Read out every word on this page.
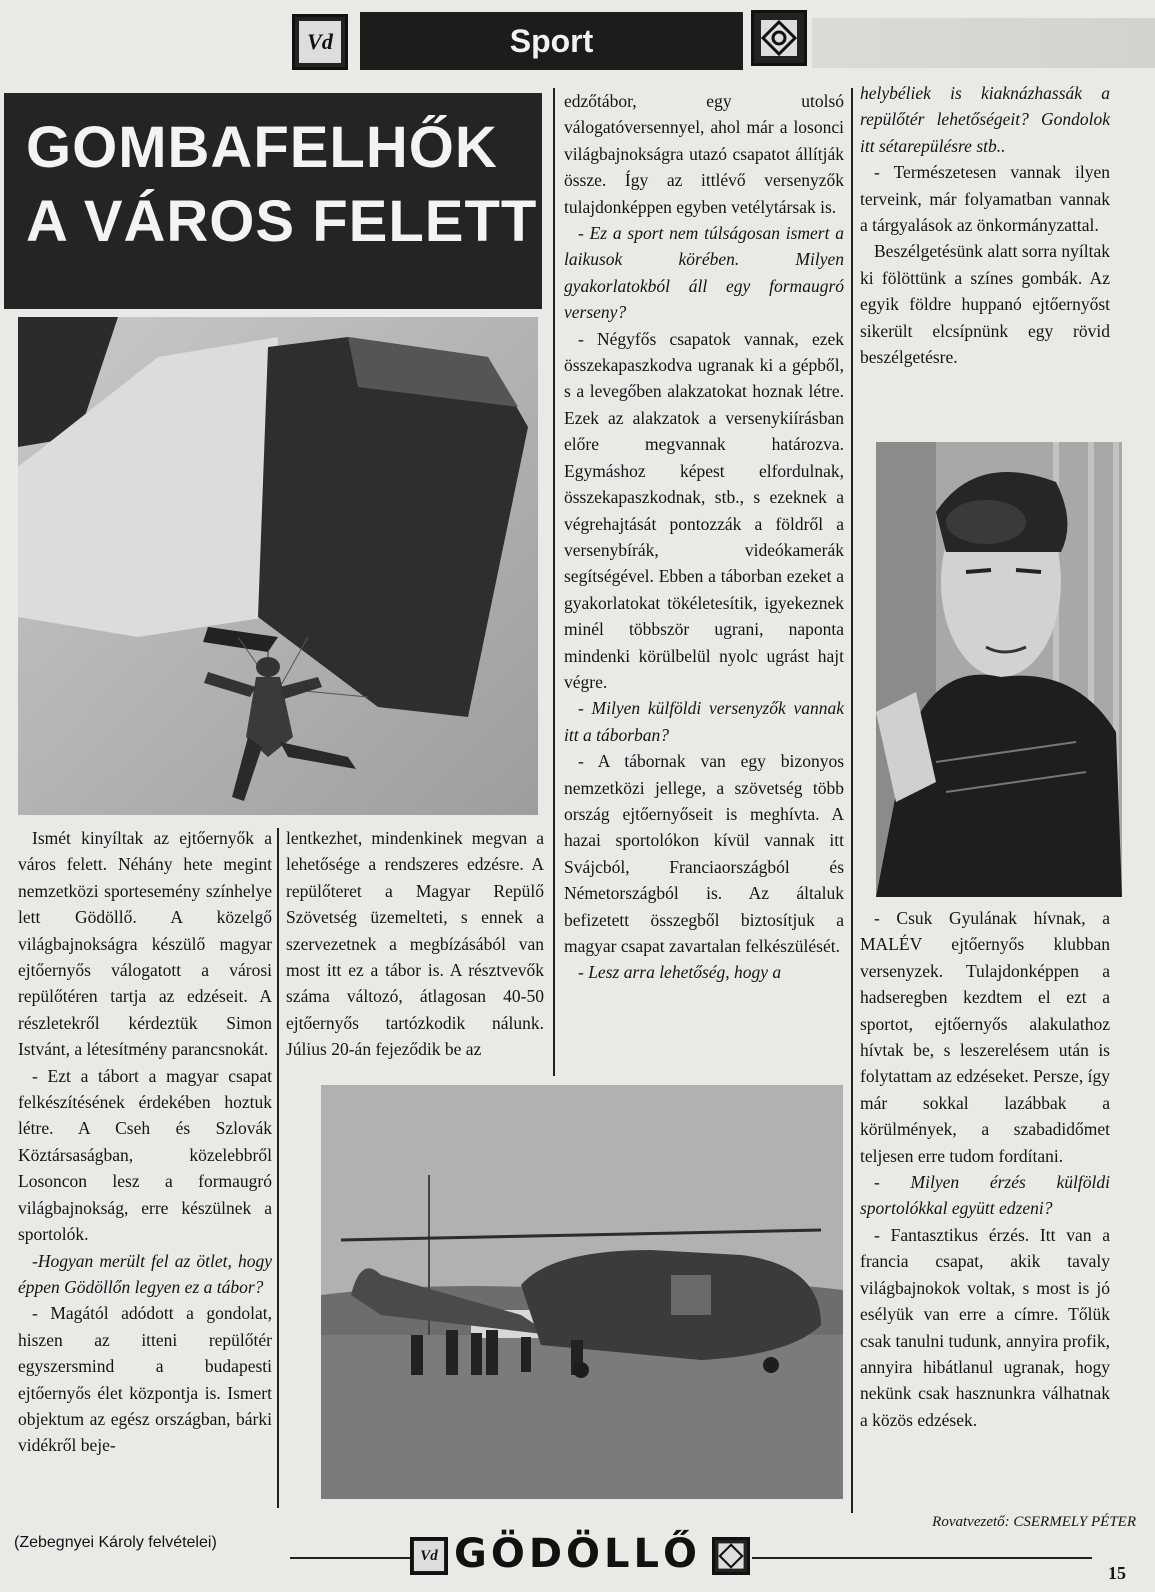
Vd	Sport
GOMBAFELHŐK
A VÁROS FELETT

Ismét kinyíltak az ejtőernyők a város felett. Néhány hete megint nemzetközi sportesemény színhelye lett Gödöllő. A közelgő világbajnokságra készülő magyar ejtőernyős válogatott a városi repülőtéren tartja az edzéseit. A részletekről kérdeztük Simon Istvánt, a létesítmény parancsnokát.

- Ezt a tábort a magyar csapat felkészítésének érdekében hoztuk létre. A Cseh és Szlovák Köztársaságban, közelebbről Losoncon lesz a formaugró világbajnokság, erre készülnek a sportolók.

-Hogyan merült fel az ötlet, hogy éppen Gödöllőn legyen ez a tábor?

- Magától adódott a gondolat, hiszen az itteni repülőtér egyszersmind a budapesti ejtőernyős élet központja is. Ismert objektum az egész országban, bárki vidékről beje-

lentkezhet, mindenkinek megvan a lehetősége a rendszeres edzésre. A repülőteret a Magyar Repülő Szövetség üzemelteti, s ennek a szervezetnek a megbízásából van most itt ez a tábor is. A résztvevők száma változó, átlagosan 40-50 ejtőernyős tartózkodik nálunk. Július 20-án fejeződik be az

edzőtábor, egy utolsó válogatóversennyel, ahol már a losonci világbajnokságra utazó csapatot állítják össze. Így az ittlévő versenyzők tulajdonképpen egyben vetélytársak is.

- Ez a sport nem túlságosan ismert a laikusok körében. Milyen gyakorlatokból áll egy formaugró verseny?

- Négyfős csapatok vannak, ezek összekapaszkodva ugranak ki a gépből, s a levegőben alakzatokat hoznak létre. Ezek az alakzatok a versenykiírásban előre megvannak határozva. Egymáshoz képest elfordulnak, összekapaszkodnak, stb., s ezeknek a végrehajtását pontozzák a földről a versenybírák, videókamerák segítségével. Ebben a táborban ezeket a gyakorlatokat tökéletesítik, igyekeznek minél többször ugrani, naponta mindenki körülbelül nyolc ugrást hajt végre.

- Milyen külföldi versenyzők vannak itt a táborban?

- A tábornak van egy bizonyos nemzetközi jellege, a szövetség több ország ejtőernyőseit is meghívta. A hazai sportolókon kívül vannak itt Svájcból, Franciaországból és Németországból is. Az általuk befizetett összegből biztosítjuk a magyar csapat zavartalan felkészülését.

- Lesz arra lehetőség, hogy a

helybéliek is kiaknázhassák a repülőtér lehetőségeit? Gondolok itt sétarepülésre stb..

- Természetesen vannak ilyen terveink, már folyamatban vannak a tárgyalások az önkormányzattal.

Beszélgetésünk alatt sorra nyíltak ki fölöttünk a színes gombák. Az egyik földre huppanó ejtőernyőst sikerült elcsípnünk egy rövid beszélgetésre.

- Csuk Gyulának hívnak, a MALÉV ejtőernyős klubban versenyzek. Tulajdonképpen a hadseregben kezdtem el ezt a sportot, ejtőernyős alakulathoz hívtak be, s leszerelésem után is folytattam az edzéseket. Persze, így már sokkal lazábbak a körülmények, a szabadidőmet teljesen erre tudom fordítani.

- Milyen érzés külföldi sportolókkal együtt edzeni?

- Fantasztikus érzés. Itt van a francia csapat, akik tavaly világbajnokok voltak, s most is jó esélyük van erre a címre. Tőlük csak tanulni tudunk, annyira profik, annyira hibátlanul ugranak, hogy nekünk csak hasznunkra válhatnak a közös edzések.

Rovatvezető: CSERMELY PÉTER
(Zebegnyei Károly felvételei)
Vd GÖDÖLLŐ	15
